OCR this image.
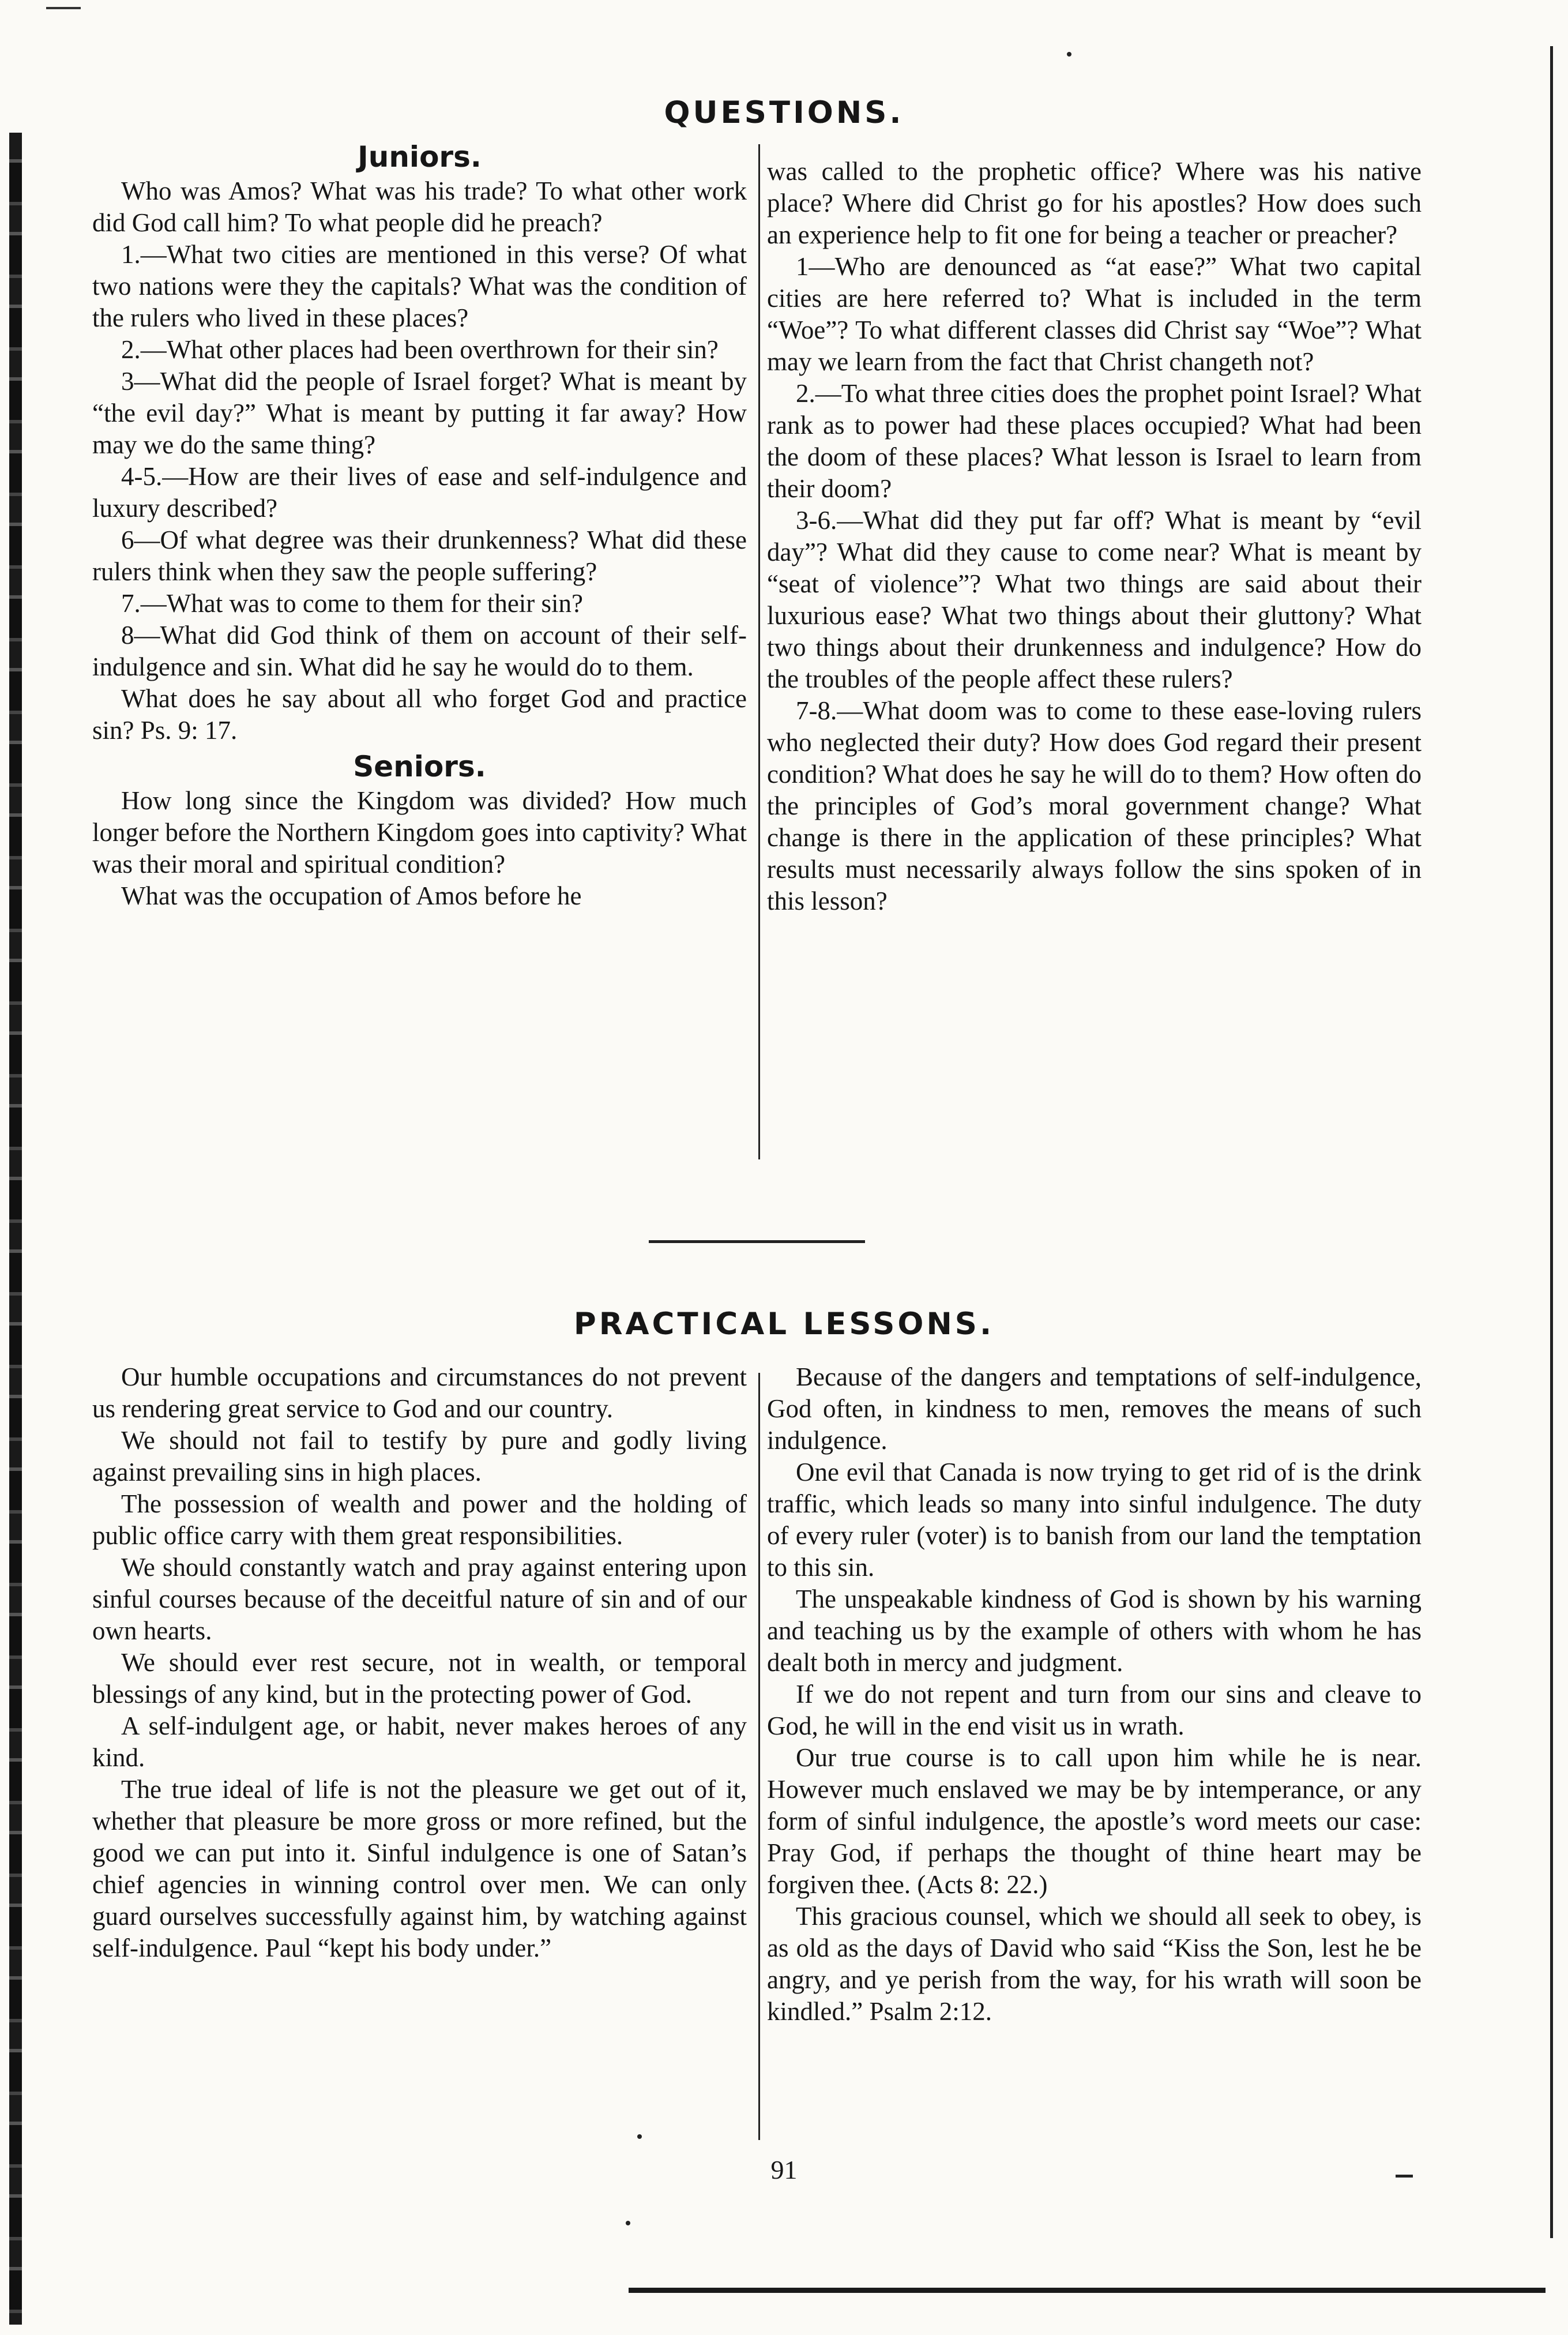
QUESTIONS.
Juniors.

Who was Amos? What was his trade? To what other work did God call him? To what people did he preach?

1.—What two cities are mentioned in this verse? Of what two nations were they the capitals? What was the condition of the rulers who lived in these places?

2.—What other places had been overthrown for their sin?

3—What did the people of Israel forget? What is meant by “the evil day?” What is meant by putting it far away? How may we do the same thing?

4-5.—How are their lives of ease and self-indulgence and luxury described?

6—Of what degree was their drunkenness? What did these rulers think when they saw the people suffering?

7.—What was to come to them for their sin?

8—What did God think of them on account of their self-indulgence and sin. What did he say he would do to them.

What does he say about all who forget God and practice sin? Ps. 9: 17.

Seniors.

How long since the Kingdom was divided? How much longer before the Northern Kingdom goes into captivity? What was their moral and spiritual condition?

What was the occupation of Amos before he

was called to the prophetic office? Where was his native place? Where did Christ go for his apostles? How does such an experience help to fit one for being a teacher or preacher?

1—Who are denounced as “at ease?” What two capital cities are here referred to? What is included in the term “Woe”? To what different classes did Christ say “Woe”? What may we learn from the fact that Christ changeth not?

2.—To what three cities does the prophet point Israel? What rank as to power had these places occupied? What had been the doom of these places? What lesson is Israel to learn from their doom?

3-6.—What did they put far off? What is meant by “evil day”? What did they cause to come near? What is meant by “seat of violence”? What two things are said about their luxurious ease? What two things about their gluttony? What two things about their drunkenness and indulgence? How do the troubles of the people affect these rulers?

7-8.—What doom was to come to these ease-loving rulers who neglected their duty? How does God regard their present condition? What does he say he will do to them? How often do the principles of God’s moral government change? What change is there in the application of these principles? What results must necessarily always follow the sins spoken of in this lesson?

PRACTICAL LESSONS.

Our humble occupations and circumstances do not prevent us rendering great service to God and our country.

We should not fail to testify by pure and godly living against prevailing sins in high places.

The possession of wealth and power and the holding of public office carry with them great responsibilities.

We should constantly watch and pray against entering upon sinful courses because of the deceitful nature of sin and of our own hearts.

We should ever rest secure, not in wealth, or temporal blessings of any kind, but in the protecting power of God.

A self-indulgent age, or habit, never makes heroes of any kind.

The true ideal of life is not the pleasure we get out of it, whether that pleasure be more gross or more refined, but the good we can put into it. Sinful indulgence is one of Satan’s chief agencies in winning control over men. We can only guard ourselves successfully against him, by watching against self-indulgence. Paul “kept his body under.”

Because of the dangers and temptations of self-indulgence, God often, in kindness to men, removes the means of such indulgence.

One evil that Canada is now trying to get rid of is the drink traffic, which leads so many into sinful indulgence. The duty of every ruler (voter) is to banish from our land the temptation to this sin.

The unspeakable kindness of God is shown by his warning and teaching us by the example of others with whom he has dealt both in mercy and judgment.

If we do not repent and turn from our sins and cleave to God, he will in the end visit us in wrath.

Our true course is to call upon him while he is near. However much enslaved we may be by intemperance, or any form of sinful indulgence, the apostle’s word meets our case: Pray God, if perhaps the thought of thine heart may be forgiven thee. (Acts 8: 22.)

This gracious counsel, which we should all seek to obey, is as old as the days of David who said “Kiss the Son, lest he be angry, and ye perish from the way, for his wrath will soon be kindled.” Psalm 2:12.

91
